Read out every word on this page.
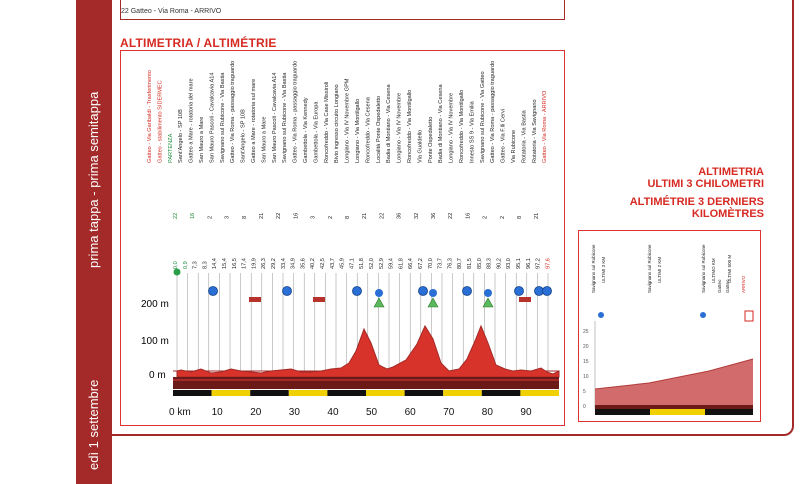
prima tappa - prima semitappa
edì 1 settembre
22 Gatteo - Via Roma - ARRIVO
ALTIMETRIA / ALTIMÉTRIE
Gatteo - Via Garibaldi - Trasferimento Gatteo - stabilimento SIDERMEC PARTENZA Sant'Angelo - SP 10B Gatteo a Mare - rotatoria del mare San Mauro a Mare San Mauro Pascoli - Cavalcavia A14 Savignano sul Rubicone - Via Bastia Gatteo - Via Roma - passaggio traguardo Sant'Angelo - SP 10B Gatteo a Mare - rotatoria sul mare San Mauro a Mare San Mauro Pascoli - Cavalcavia A14 Savignano sul Rubicone - Via Bastia Gatteo - Via Roma - passaggio traguardo Gambettola - Via Kennedy Gambettola - Via Europa Roncofreddo - Via Case Missiroli Bivio ingresso circuito Longiano Longiano - Via IV Novembre GPM Longiano - Via Montilgallo Roncofreddo - Via Cesena Località Ponte Ospedaletto Badia di Montiano - Via Cesena Longiano - Via IV Novembre Roncofreddo - Via Montilgallo Via Gualdello Ponte Ospedaletto Badia di Montiano - Via Cesena Longiano - Via IV Novembre Roncofreddo - Via Montilgallo Innesto SS 9 - Via Emilia Savignano sul Rubicone - Via Gatteo Gatteo - Via Roma - passaggio traguardo Gatteo - Via F.lli Cervi Via Rubicone Rotatoria - Via Bastia Rotatoria - Via Savignano Gatteo - Via Roma - ARRIVO
0,0 0,9 7,3 8,3 14,4 15,4 16,5 17,4 19,9 26,3 29,2 33,4 34,9 35,6 40,2 42,5 43,7 45,9 47,1 51,8 52,0 52,9 59,4 61,8 66,4 67,2 70,0 73,7 76,3 80,7 81,5 85,0 88,3 90,2 93,0 95,1 96,1 97,2 97,6
22 16 2 3 8 21 22 16 3 2 8 21 22 36 32 36 22 16 2 2 8 21
200 m
100 m
0 m
0 km 10	20	30	40	50	60	70	80	90
ALTIMETRIA
ULTIMI 3 CHILOMETRI
ALTIMÉTRIE 3 DERNIERS
KILOMÈTRES
Savignano sul Rubicone	Savignano sul Rubicone	Savignano sul Rubicone Gatteo Gatteo ARRIVO
ULTIMI 3 KM	ULTIMI 2 KM	ULTIMO KM ULTIMI 500 M
25
20
15
10
5
0
